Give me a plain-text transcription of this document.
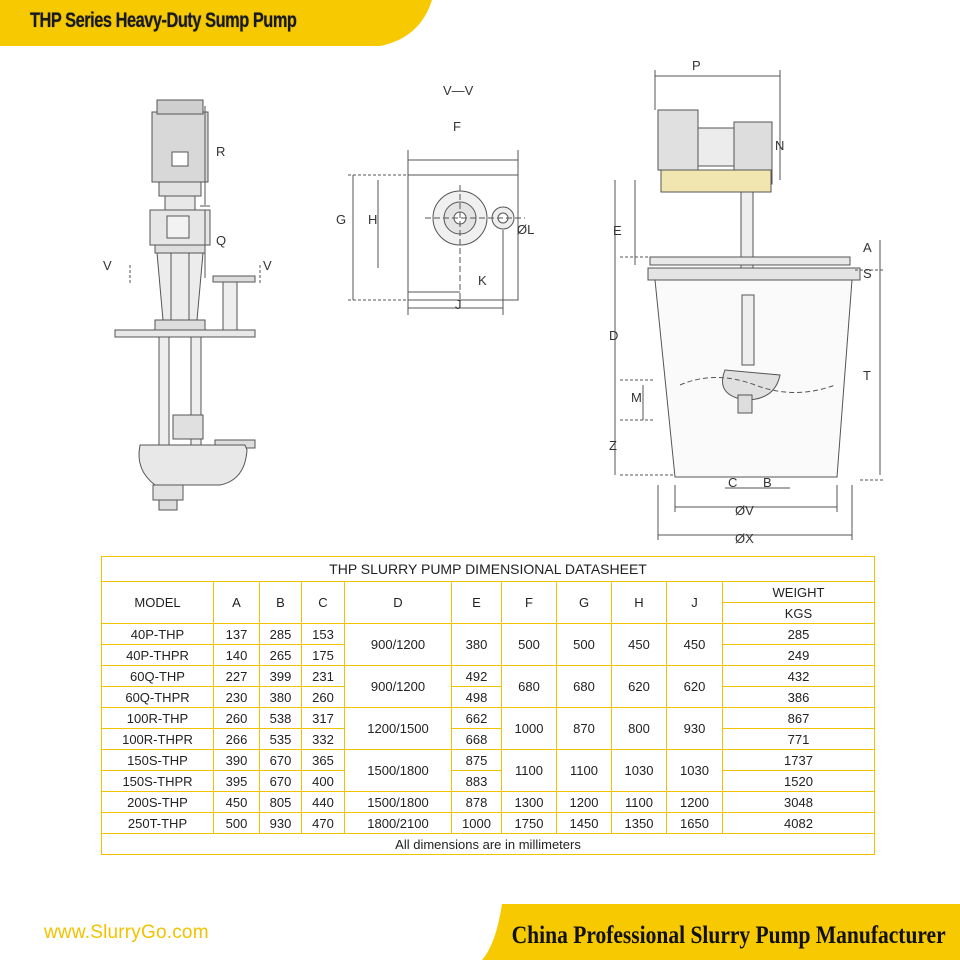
THP Series Heavy-Duty Sump Pump
R
Q
V	V
V—V
F
G H
ØL
K
J
P
N
E
D
M
Z
A
S
T
C B
ØV
ØX
THP SLURRY PUMP DIMENSIONAL DATASHEET										
MODEL	A	B	C	D	E	F	G	H	J	WEIGHT
										KGS
40P-THP	137	285	153	900/1200	380	500	500	450	450	285
40P-THPR	140	265	175							249
60Q-THP	227	399	231	900/1200	492	680	680	620	620	432
60Q-THPR	230	380	260		498					386
100R-THP	260	538	317	1200/1500	662	1000	870	800	930	867
100R-THPR	266	535	332		668					771
150S-THP	390	670	365	1500/1800	875	1100	1100	1030	1030	1737
150S-THPR	395	670	400		883					1520
200S-THP	450	805	440	1500/1800	878	1300	1200	1100	1200	3048
250T-THP	500	930	470	1800/2100	1000	1750	1450	1350	1650	4082
All dimensions are in millimeters										
www.SlurryGo.com	China Professional Slurry Pump Manufacturer
